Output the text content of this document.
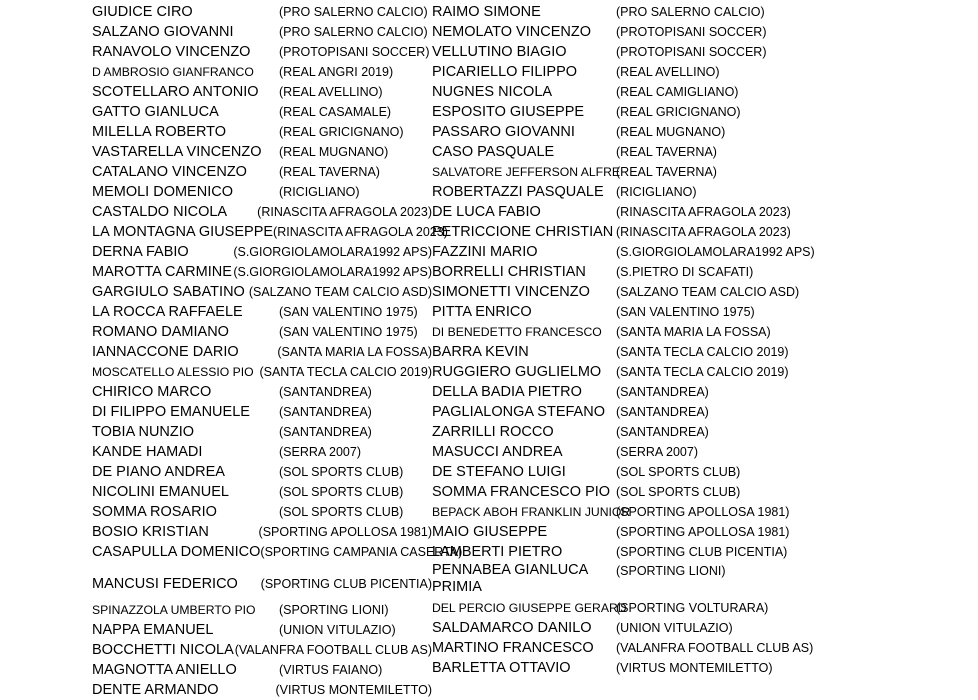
GIUDICE CIRO	(PRO SALERNO CALCIO)
SALZANO GIOVANNI	(PRO SALERNO CALCIO)
RANAVOLO VINCENZO	(PROTOPISANI SOCCER)
D AMBROSIO GIANFRANCO	(REAL ANGRI 2019)
SCOTELLARO ANTONIO	(REAL AVELLINO)
GATTO GIANLUCA	(REAL CASAMALE)
MILELLA ROBERTO	(REAL GRICIGNANO)
VASTARELLA VINCENZO	(REAL MUGNANO)
CATALANO VINCENZO	(REAL TAVERNA)
MEMOLI DOMENICO	(RICIGLIANO)
CASTALDO NICOLA	(RINASCITA AFRAGOLA 2023)
LA MONTAGNA GIUSEPPE (RINASCITA AFRAGOLA 2023)
DERNA FABIO	(S.GIORGIOLAMOLARA1992 APS)
MAROTTA CARMINE (S.GIORGIOLAMOLARA1992 APS)
GARGIULO SABATINO (SALZANO TEAM CALCIO ASD)
LA ROCCA RAFFAELE	(SAN VALENTINO 1975)
ROMANO DAMIANO	(SAN VALENTINO 1975)
IANNACCONE DARIO	(SANTA MARIA LA FOSSA)
MOSCATELLO ALESSIO PIO (SANTA TECLA CALCIO 2019)
CHIRICO MARCO	(SANTANDREA)
DI FILIPPO EMANUELE	(SANTANDREA)
TOBIA NUNZIO	(SANTANDREA)
KANDE HAMADI	(SERRA 2007)
DE PIANO ANDREA	(SOL SPORTS CLUB)
NICOLINI EMANUEL	(SOL SPORTS CLUB)
SOMMA ROSARIO	(SOL SPORTS CLUB)
BOSIO KRISTIAN	(SPORTING APOLLOSA 1981)
CASAPULLA DOMENICO (SPORTING CAMPANIA CASERTA)
MANCUSI FEDERICO	(SPORTING CLUB PICENTIA)
SPINAZZOLA UMBERTO PIO	(SPORTING LIONI)
NAPPA EMANUEL	(UNION VITULAZIO)
BOCCHETTI NICOLA (VALANFRA FOOTBALL CLUB AS)
MAGNOTTA ANIELLO	(VIRTUS FAIANO)
DENTE ARMANDO	(VIRTUS MONTEMILETTO)
RAIMO SIMONE	(PRO SALERNO CALCIO)
NEMOLATO VINCENZO	(PROTOPISANI SOCCER)
VELLUTINO BIAGIO	(PROTOPISANI SOCCER)
PICARIELLO FILIPPO	(REAL AVELLINO)
NUGNES NICOLA	(REAL CAMIGLIANO)
ESPOSITO GIUSEPPE	(REAL GRICIGNANO)
PASSARO GIOVANNI	(REAL MUGNANO)
CASO PASQUALE	(REAL TAVERNA)
SALVATORE JEFFERSON ALFRE
(REAL TAVERNA)
ROBERTAZZI PASQUALE (RICIGLIANO)
DE LUCA FABIO	(RINASCITA AFRAGOLA 2023)
PETRICCIONE CHRISTIAN (RINASCITA AFRAGOLA 2023)
FAZZINI MARIO	(S.GIORGIOLAMOLARA1992 APS)
BORRELLI CHRISTIAN	(S.PIETRO DI SCAFATI)
SIMONETTI VINCENZO	(SALZANO TEAM CALCIO ASD)
PITTA ENRICO	(SAN VALENTINO 1975)
DI BENEDETTO FRANCESCO	(SANTA MARIA LA FOSSA)
BARRA KEVIN	(SANTA TECLA CALCIO 2019)
RUGGIERO GUGLIELMO	(SANTA TECLA CALCIO 2019)
DELLA BADIA PIETRO	(SANTANDREA)
PAGLIALONGA STEFANO (SANTANDREA)
ZARRILLI ROCCO	(SANTANDREA)
MASUCCI ANDREA	(SERRA 2007)
DE STEFANO LUIGI	(SOL SPORTS CLUB)
SOMMA FRANCESCO PIO (SOL SPORTS CLUB)
BEPACK ABOH FRANKLIN JUNIOR
(SPORTING APOLLOSA 1981)
MAIO GIUSEPPE	(SPORTING APOLLOSA 1981)
LAMBERTI PIETRO	(SPORTING CLUB PICENTIA)
PENNABEA GIANLUCA PRIMIA
(SPORTING LIONI)
DEL PERCIO GIUSEPPE GERARD
(SPORTING VOLTURARA)
SALDAMARCO DANILO	(UNION VITULAZIO)
MARTINO FRANCESCO	(VALANFRA FOOTBALL CLUB AS)
BARLETTA OTTAVIO	(VIRTUS MONTEMILETTO)
